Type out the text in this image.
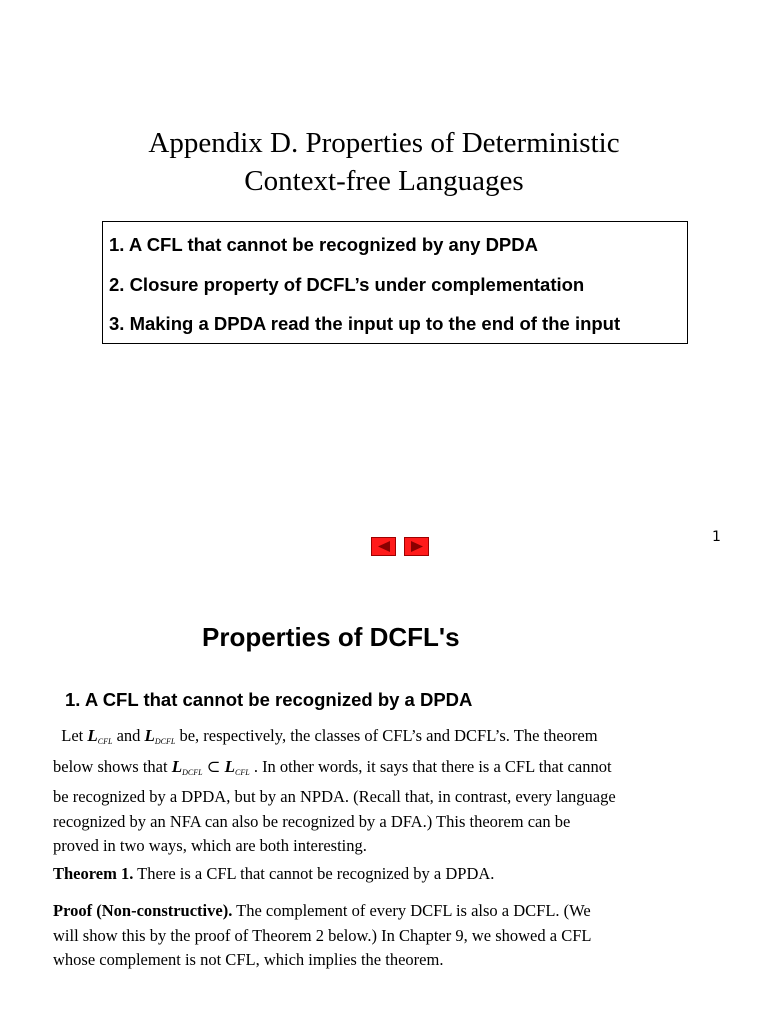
Appendix D. Properties of Deterministic
Context-free Languages
1. A CFL that cannot be recognized by any DPDA
2. Closure property of DCFL’s under complementation
3. Making a DPDA read the input up to the end of the input
1
Properties of DCFL's
1. A CFL that cannot be recognized by a DPDA
Let $L_{CFL}$ and $L_{DCFL}$ be, respectively, the classes of CFL’s and DCFL’s. The theorem
below shows that $L_{DCFL}$ ⊂ $L_{CFL}$ . In other words, it says that there is a CFL that cannot
be recognized by a DPDA, but by an NPDA. (Recall that, in contrast, every language
recognized by an NFA can also be recognized by a DFA.) This theorem can be
proved in two ways, which are both interesting.
Theorem 1. There is a CFL that cannot be recognized by a DPDA.
Proof (Non-constructive). The complement of every DCFL is also a DCFL. (We
will show this by the proof of Theorem 2 below.) In Chapter 9, we showed a CFL
whose complement is not CFL, which implies the theorem.
